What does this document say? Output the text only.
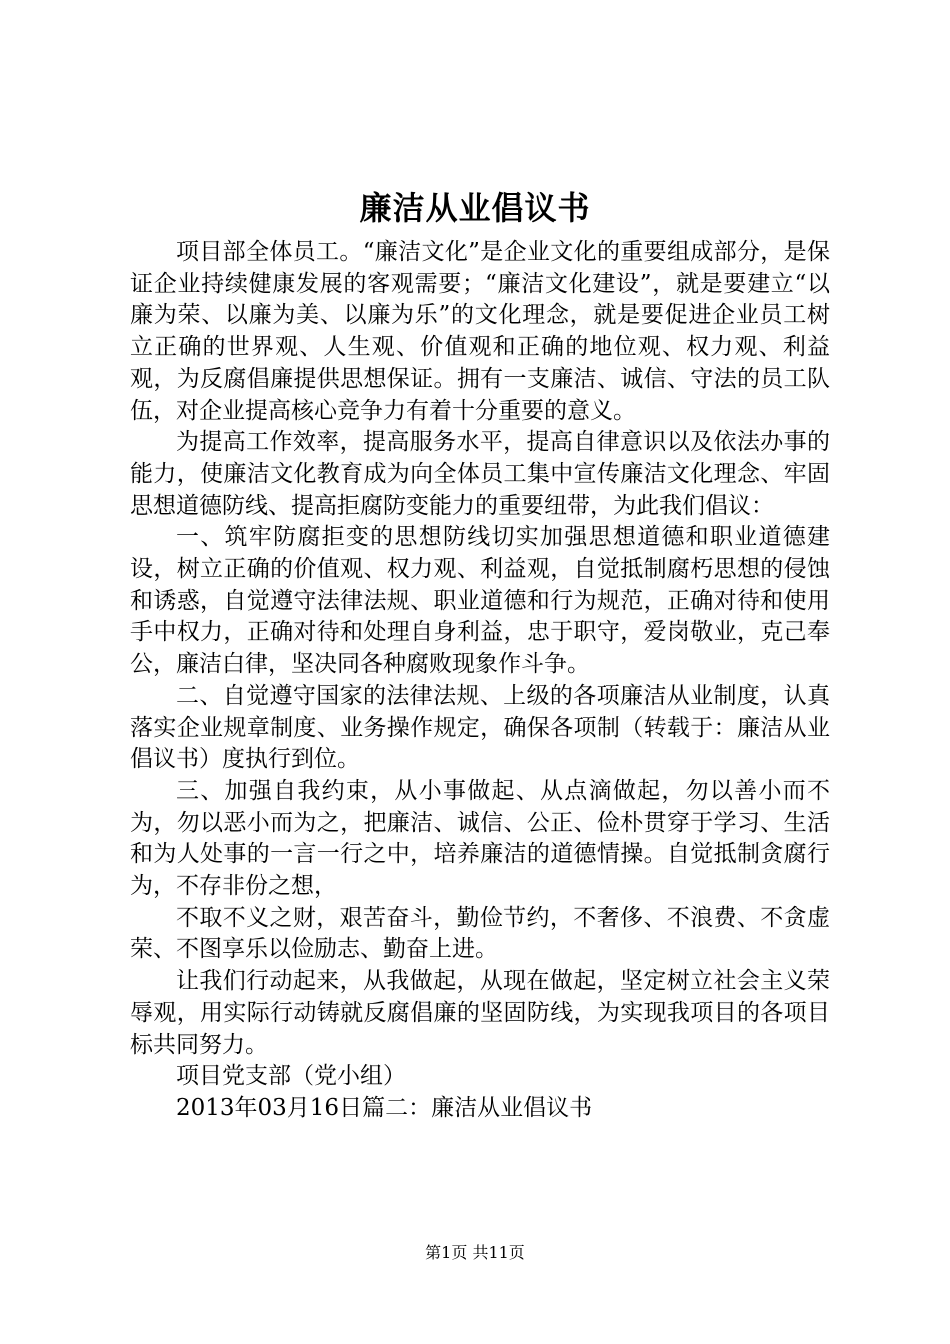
廉洁从业倡议书

项目部全体员工。“廉洁文化”是企业文化的重要组成部分，是保证企业持续健康发展的客观需要；“廉洁文化建设”，就是要建立“以廉为荣、以廉为美、以廉为乐”的文化理念，就是要促进企业员工树立正确的世界观、人生观、价值观和正确的地位观、权力观、利益观，为反腐倡廉提供思想保证。拥有一支廉洁、诚信、守法的员工队伍，对企业提高核心竞争力有着十分重要的意义。

为提高工作效率，提高服务水平，提高自律意识以及依法办事的能力，使廉洁文化教育成为向全体员工集中宣传廉洁文化理念、牢固思想道德防线、提高拒腐防变能力的重要纽带，为此我们倡议：

一、筑牢防腐拒变的思想防线切实加强思想道德和职业道德建设，树立正确的价值观、权力观、利益观，自觉抵制腐朽思想的侵蚀和诱惑，自觉遵守法律法规、职业道德和行为规范，正确对待和使用手中权力，正确对待和处理自身利益，忠于职守，爱岗敬业，克己奉公，廉洁白律，坚决同各种腐败现象作斗争。

二、自觉遵守国家的法律法规、上级的各项廉洁从业制度，认真落实企业规章制度、业务操作规定，确保各项制（转载于：廉洁从业倡议书）度执行到位。

三、加强自我约束，从小事做起、从点滴做起，勿以善小而不为，勿以恶小而为之，把廉洁、诚信、公正、俭朴贯穿于学习、生活和为人处事的一言一行之中，培养廉洁的道德情操。自觉抵制贪腐行为，不存非份之想，

不取不义之财，艰苦奋斗，勤俭节约，不奢侈、不浪费、不贪虚荣、不图享乐以俭励志、勤奋上进。

让我们行动起来，从我做起，从现在做起，坚定树立社会主义荣辱观，用实际行动铸就反腐倡廉的坚固防线，为实现我项目的各项目标共同努力。

项目党支部（党小组）

2013年03月16日篇二：廉洁从业倡议书

第1页 共11页
